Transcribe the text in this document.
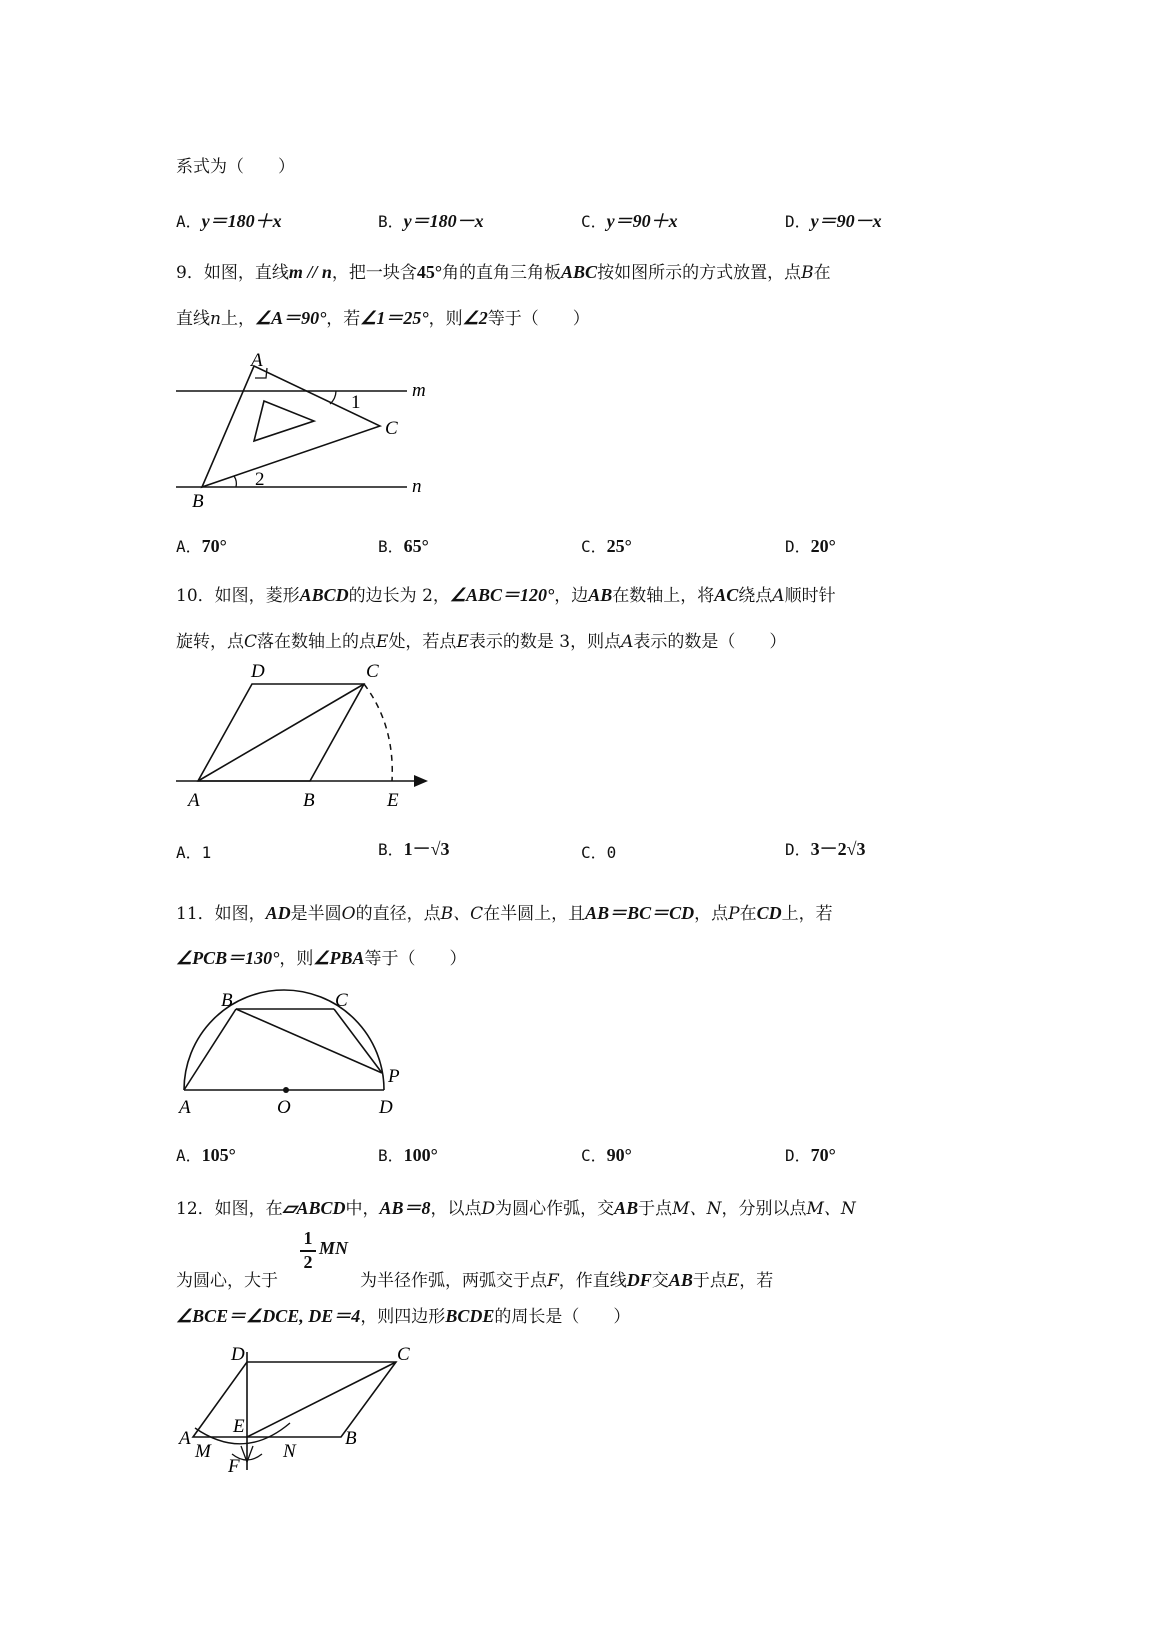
系式为（　　）
A．y＝180＋x	B．y＝180－x	C．y＝90＋x	D．y＝90－x
9．如图，直线m // n，把一块含45°角的直角三角板ABC按如图所示的方式放置，点B在
直线n上，∠A＝90°，若∠1＝25°，则∠2等于（　　）
A
B
C
m
n
1
2
A．70°	B．65°	C．25°	D．20°
10．如图，菱形ABCD的边长为 2，∠ABC＝120°，边AB在数轴上，将AC绕点A顺时针
旋转，点C落在数轴上的点E处，若点E表示的数是 3，则点A表示的数是（　　）
A	B
C
D
E
A．1	B．1－√3	C．0	D．3－2√3
11．如图，AD是半圆O的直径，点B、C在半圆上，且AB＝BC＝CD，点P在CD上，若
∠PCB＝130°，则∠PBA等于（　　）
A
B	C
D
O
P
A．105°	B．100°	C．90°	D．70°
12．如图，在▱ABCD中，AB＝8，以点D为圆心作弧，交AB于点M、N，分别以点M、N
1
2
MN
为圆心，大于	为半径作弧，两弧交于点F，作直线DF交AB于点E，若
∠BCE＝∠DCE, DE＝4，则四边形BCDE的周长是（　　）
A	B
C
D
E
F
M	N
